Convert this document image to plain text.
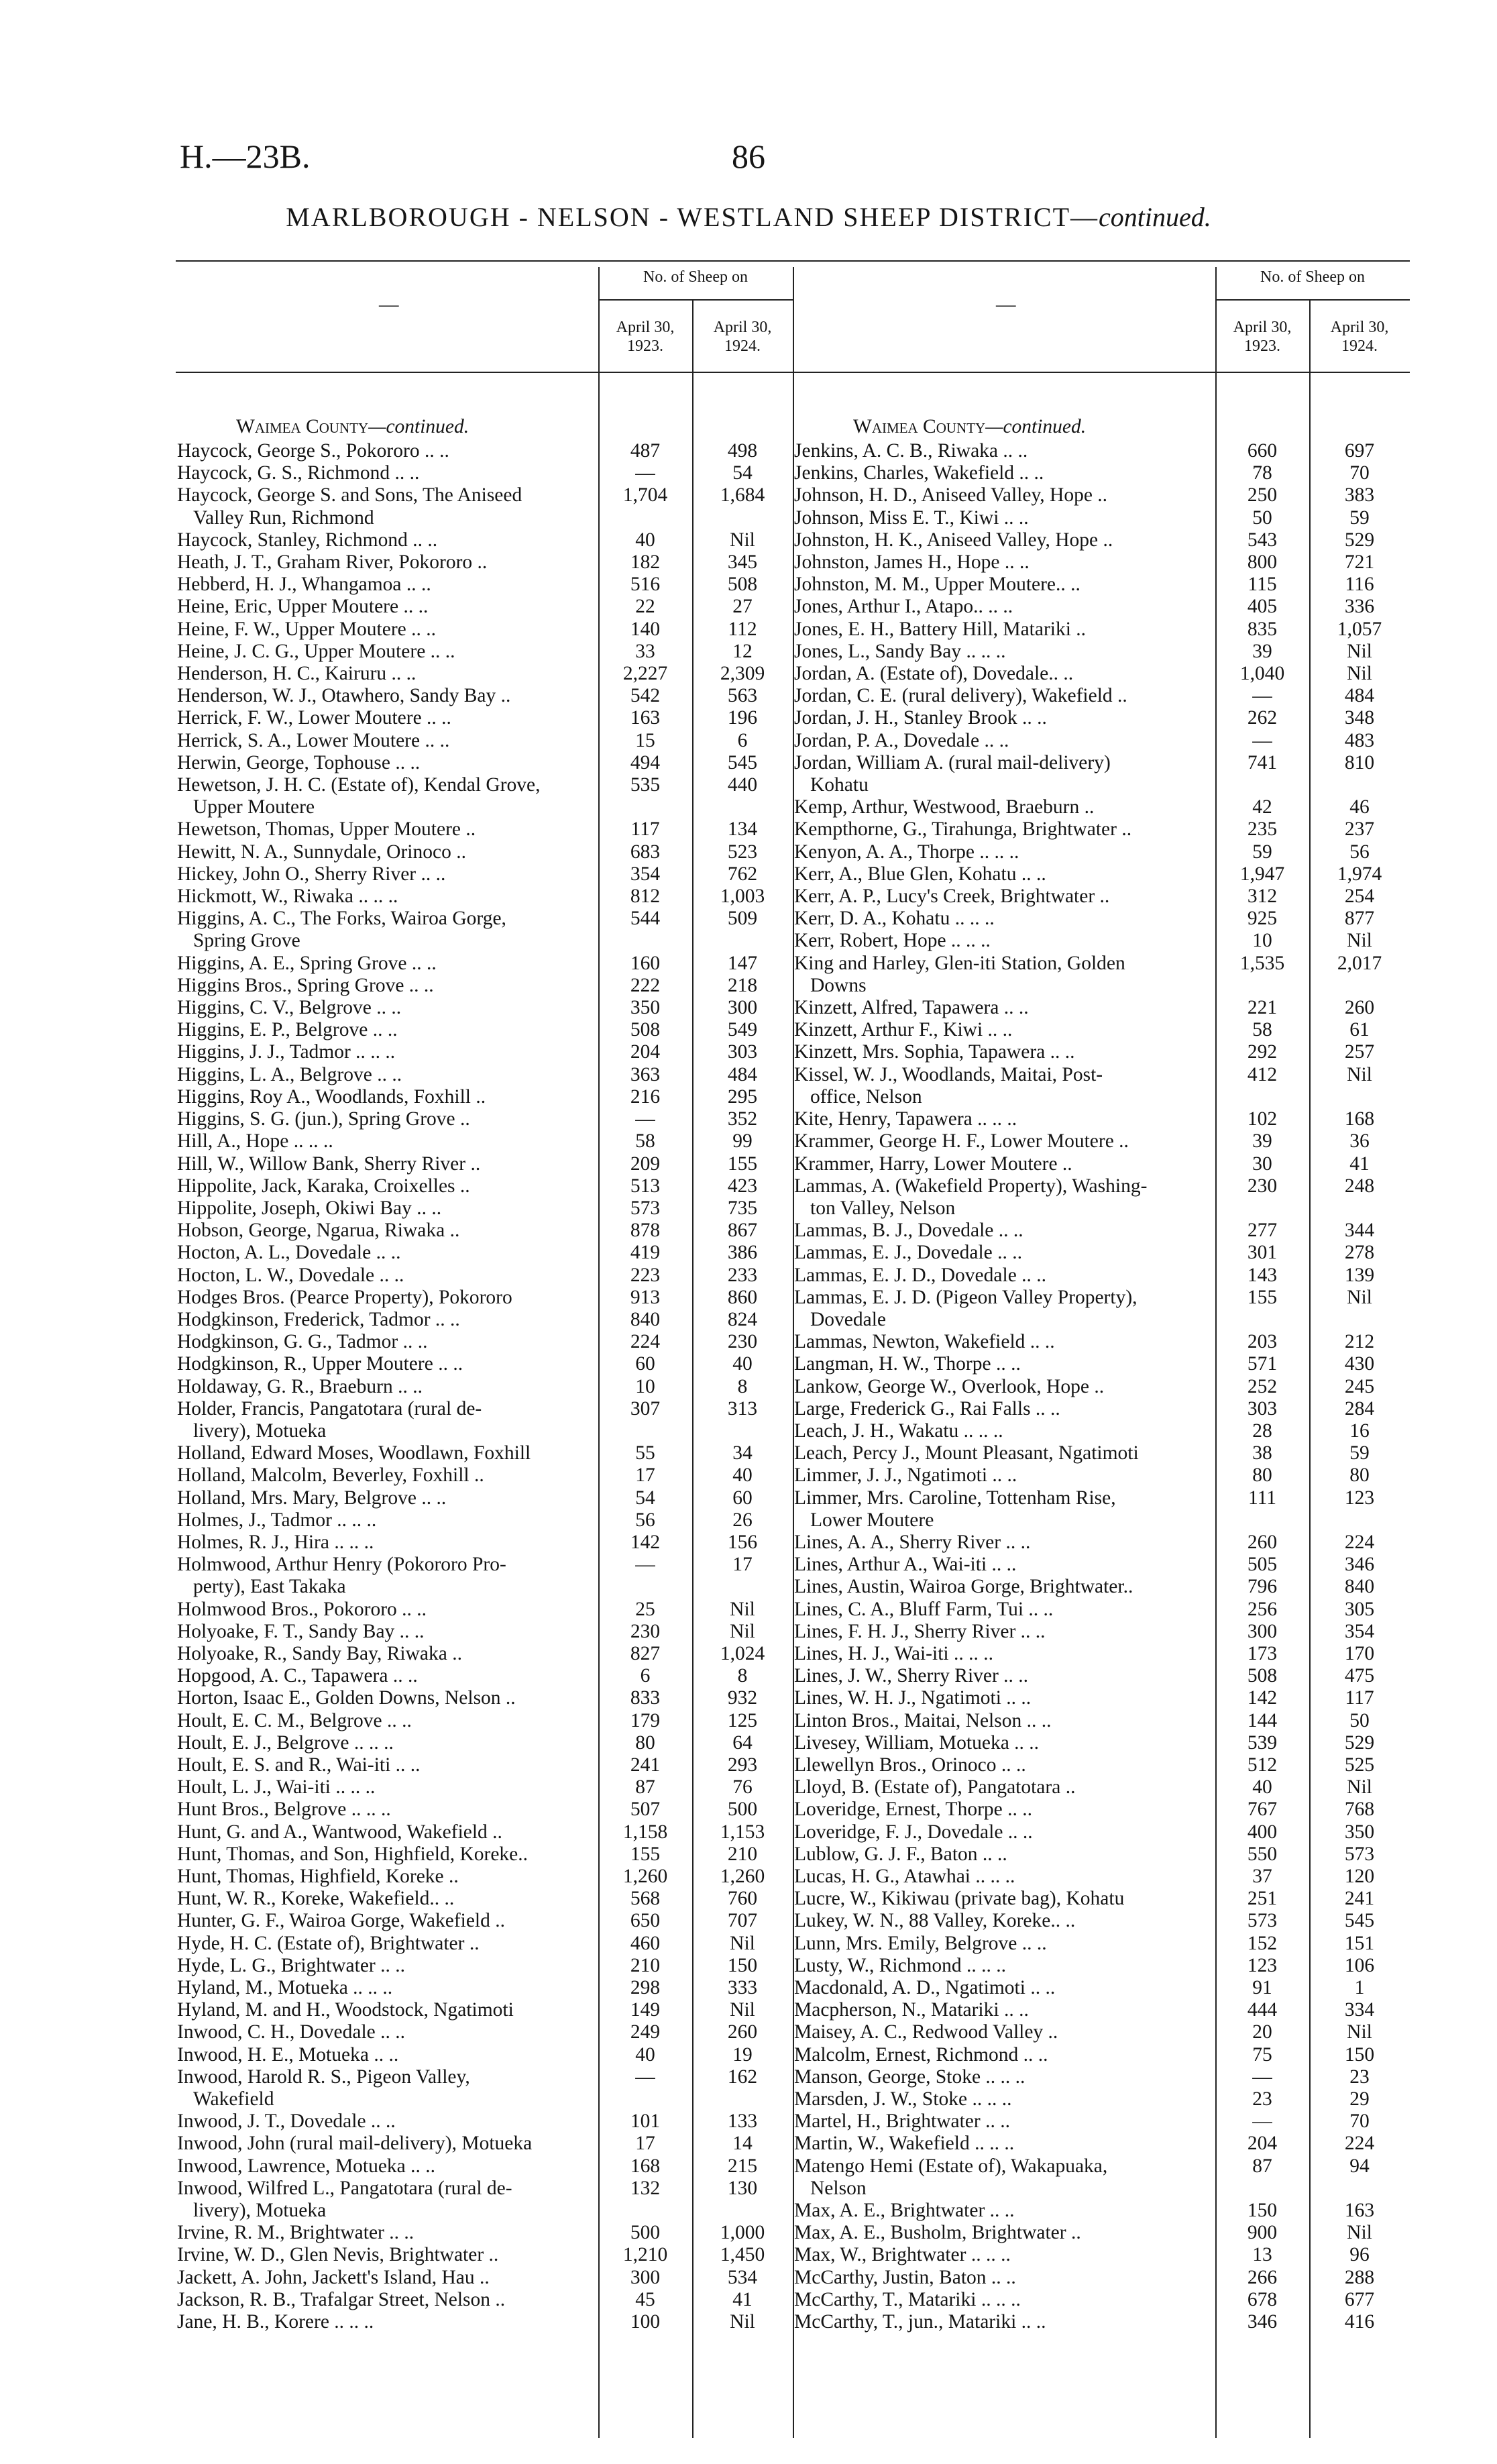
H.—23B.	86
MARLBOROUGH - NELSON - WESTLAND SHEEP DISTRICT—continued.
—
No. of Sheep on
April 30,
1923.
April 30,
1924.
Waimea County—continued.
Haycock, George S., Pokororo .. ..	487	498
Haycock, G. S., Richmond .. ..	—	54
Haycock, George S. and Sons, The Aniseed
Valley Run, Richmond
1,704	1,684
Haycock, Stanley, Richmond .. ..	40	Nil
Heath, J. T., Graham River, Pokororo ..	182	345
Hebberd, H. J., Whangamoa .. ..	516	508
Heine, Eric, Upper Moutere .. ..	22	27
Heine, F. W., Upper Moutere .. ..	140	112
Heine, J. C. G., Upper Moutere .. ..	33	12
Henderson, H. C., Kairuru .. ..	2,227	2,309
Henderson, W. J., Otawhero, Sandy Bay ..	542	563
Herrick, F. W., Lower Moutere .. ..	163	196
Herrick, S. A., Lower Moutere .. ..	15	6
Herwin, George, Tophouse .. ..	494	545
Hewetson, J. H. C. (Estate of), Kendal Grove,
Upper Moutere
535	440
Hewetson, Thomas, Upper Moutere ..	117	134
Hewitt, N. A., Sunnydale, Orinoco ..	683	523
Hickey, John O., Sherry River .. ..	354	762
Hickmott, W., Riwaka .. .. ..	812	1,003
Higgins, A. C., The Forks, Wairoa Gorge,
Spring Grove
544	509
Higgins, A. E., Spring Grove .. ..	160	147
Higgins Bros., Spring Grove .. ..	222	218
Higgins, C. V., Belgrove .. ..	350	300
Higgins, E. P., Belgrove .. ..	508	549
Higgins, J. J., Tadmor .. .. ..	204	303
Higgins, L. A., Belgrove .. ..	363	484
Higgins, Roy A., Woodlands, Foxhill ..	216	295
Higgins, S. G. (jun.), Spring Grove ..	—	352
Hill, A., Hope .. .. ..	58	99
Hill, W., Willow Bank, Sherry River ..	209	155
Hippolite, Jack, Karaka, Croixelles ..	513	423
Hippolite, Joseph, Okiwi Bay .. ..	573	735
Hobson, George, Ngarua, Riwaka ..	878	867
Hocton, A. L., Dovedale .. ..	419	386
Hocton, L. W., Dovedale .. ..	223	233
Hodges Bros. (Pearce Property), Pokororo	913	860
Hodgkinson, Frederick, Tadmor .. ..	840	824
Hodgkinson, G. G., Tadmor .. ..	224	230
Hodgkinson, R., Upper Moutere .. ..	60	40
Holdaway, G. R., Braeburn .. ..	10	8
Holder, Francis, Pangatotara (rural de-
livery), Motueka
307	313
Holland, Edward Moses, Woodlawn, Foxhill	55	34
Holland, Malcolm, Beverley, Foxhill ..	17	40
Holland, Mrs. Mary, Belgrove .. ..	54	60
Holmes, J., Tadmor .. .. ..	56	26
Holmes, R. J., Hira .. .. ..	142	156
Holmwood, Arthur Henry (Pokororo Pro-
perty), East Takaka
—	17
Holmwood Bros., Pokororo .. ..	25	Nil
Holyoake, F. T., Sandy Bay .. ..	230	Nil
Holyoake, R., Sandy Bay, Riwaka ..	827	1,024
Hopgood, A. C., Tapawera .. ..	6	8
Horton, Isaac E., Golden Downs, Nelson ..	833	932
Hoult, E. C. M., Belgrove .. ..	179	125
Hoult, E. J., Belgrove .. .. ..	80	64
Hoult, E. S. and R., Wai-iti .. ..	241	293
Hoult, L. J., Wai-iti .. .. ..	87	76
Hunt Bros., Belgrove .. .. ..	507	500
Hunt, G. and A., Wantwood, Wakefield ..	1,158	1,153
Hunt, Thomas, and Son, Highfield, Koreke..	155	210
Hunt, Thomas, Highfield, Koreke ..	1,260	1,260
Hunt, W. R., Koreke, Wakefield.. ..	568	760
Hunter, G. F., Wairoa Gorge, Wakefield ..	650	707
Hyde, H. C. (Estate of), Brightwater ..	460	Nil
Hyde, L. G., Brightwater .. ..	210	150
Hyland, M., Motueka .. .. ..	298	333
Hyland, M. and H., Woodstock, Ngatimoti	149	Nil
Inwood, C. H., Dovedale .. ..	249	260
Inwood, H. E., Motueka .. ..	40	19
Inwood, Harold R. S., Pigeon Valley,
Wakefield
—	162
Inwood, J. T., Dovedale .. ..	101	133
Inwood, John (rural mail-delivery), Motueka	17	14
Inwood, Lawrence, Motueka .. ..	168	215
Inwood, Wilfred L., Pangatotara (rural de-
livery), Motueka
132	130
Irvine, R. M., Brightwater .. ..	500	1,000
Irvine, W. D., Glen Nevis, Brightwater ..	1,210	1,450
Jackett, A. John, Jackett's Island, Hau ..	300	534
Jackson, R. B., Trafalgar Street, Nelson ..	45	41
Jane, H. B., Korere .. .. ..	100	Nil
—
No. of Sheep on
April 30,
1923.
April 30,
1924.
Waimea County—continued.
Jenkins, A. C. B., Riwaka .. ..	660	697
Jenkins, Charles, Wakefield .. ..	78	70
Johnson, H. D., Aniseed Valley, Hope ..	250	383
Johnson, Miss E. T., Kiwi .. ..	50	59
Johnston, H. K., Aniseed Valley, Hope ..	543	529
Johnston, James H., Hope .. ..	800	721
Johnston, M. M., Upper Moutere.. ..	115	116
Jones, Arthur I., Atapo.. .. ..	405	336
Jones, E. H., Battery Hill, Matariki ..	835	1,057
Jones, L., Sandy Bay .. .. ..	39	Nil
Jordan, A. (Estate of), Dovedale.. ..	1,040	Nil
Jordan, C. E. (rural delivery), Wakefield ..	—	484
Jordan, J. H., Stanley Brook .. ..	262	348
Jordan, P. A., Dovedale .. ..	—	483
Jordan, William A. (rural mail-delivery)
Kohatu
741	810
Kemp, Arthur, Westwood, Braeburn ..	42	46
Kempthorne, G., Tirahunga, Brightwater ..	235	237
Kenyon, A. A., Thorpe .. .. ..	59	56
Kerr, A., Blue Glen, Kohatu .. ..	1,947	1,974
Kerr, A. P., Lucy's Creek, Brightwater ..	312	254
Kerr, D. A., Kohatu .. .. ..	925	877
Kerr, Robert, Hope .. .. ..	10	Nil
King and Harley, Glen-iti Station, Golden
Downs
1,535	2,017
Kinzett, Alfred, Tapawera .. ..	221	260
Kinzett, Arthur F., Kiwi .. ..	58	61
Kinzett, Mrs. Sophia, Tapawera .. ..	292	257
Kissel, W. J., Woodlands, Maitai, Post-
office, Nelson
412	Nil
Kite, Henry, Tapawera .. .. ..	102	168
Krammer, George H. F., Lower Moutere ..	39	36
Krammer, Harry, Lower Moutere ..	30	41
Lammas, A. (Wakefield Property), Washing-
ton Valley, Nelson
230	248
Lammas, B. J., Dovedale .. ..	277	344
Lammas, E. J., Dovedale .. ..	301	278
Lammas, E. J. D., Dovedale .. ..	143	139
Lammas, E. J. D. (Pigeon Valley Property),
Dovedale
155	Nil
Lammas, Newton, Wakefield .. ..	203	212
Langman, H. W., Thorpe .. ..	571	430
Lankow, George W., Overlook, Hope ..	252	245
Large, Frederick G., Rai Falls .. ..	303	284
Leach, J. H., Wakatu .. .. ..	28	16
Leach, Percy J., Mount Pleasant, Ngatimoti	38	59
Limmer, J. J., Ngatimoti .. ..	80	80
Limmer, Mrs. Caroline, Tottenham Rise,
Lower Moutere
111	123
Lines, A. A., Sherry River .. ..	260	224
Lines, Arthur A., Wai-iti .. ..	505	346
Lines, Austin, Wairoa Gorge, Brightwater..	796	840
Lines, C. A., Bluff Farm, Tui .. ..	256	305
Lines, F. H. J., Sherry River .. ..	300	354
Lines, H. J., Wai-iti .. .. ..	173	170
Lines, J. W., Sherry River .. ..	508	475
Lines, W. H. J., Ngatimoti .. ..	142	117
Linton Bros., Maitai, Nelson .. ..	144	50
Livesey, William, Motueka .. ..	539	529
Llewellyn Bros., Orinoco .. ..	512	525
Lloyd, B. (Estate of), Pangatotara ..	40	Nil
Loveridge, Ernest, Thorpe .. ..	767	768
Loveridge, F. J., Dovedale .. ..	400	350
Lublow, G. J. F., Baton .. ..	550	573
Lucas, H. G., Atawhai .. .. ..	37	120
Lucre, W., Kikiwau (private bag), Kohatu	251	241
Lukey, W. N., 88 Valley, Koreke.. ..	573	545
Lunn, Mrs. Emily, Belgrove .. ..	152	151
Lusty, W., Richmond .. .. ..	123	106
Macdonald, A. D., Ngatimoti .. ..	91	1
Macpherson, N., Matariki .. ..	444	334
Maisey, A. C., Redwood Valley ..	20	Nil
Malcolm, Ernest, Richmond .. ..	75	150
Manson, George, Stoke .. .. ..	—	23
Marsden, J. W., Stoke .. .. ..	23	29
Martel, H., Brightwater .. ..	—	70
Martin, W., Wakefield .. .. ..	204	224
Matengo Hemi (Estate of), Wakapuaka,
Nelson
87	94
Max, A. E., Brightwater .. ..	150	163
Max, A. E., Busholm, Brightwater ..	900	Nil
Max, W., Brightwater .. .. ..	13	96
McCarthy, Justin, Baton .. ..	266	288
McCarthy, T., Matariki .. .. ..	678	677
McCarthy, T., jun., Matariki .. ..	346	416
